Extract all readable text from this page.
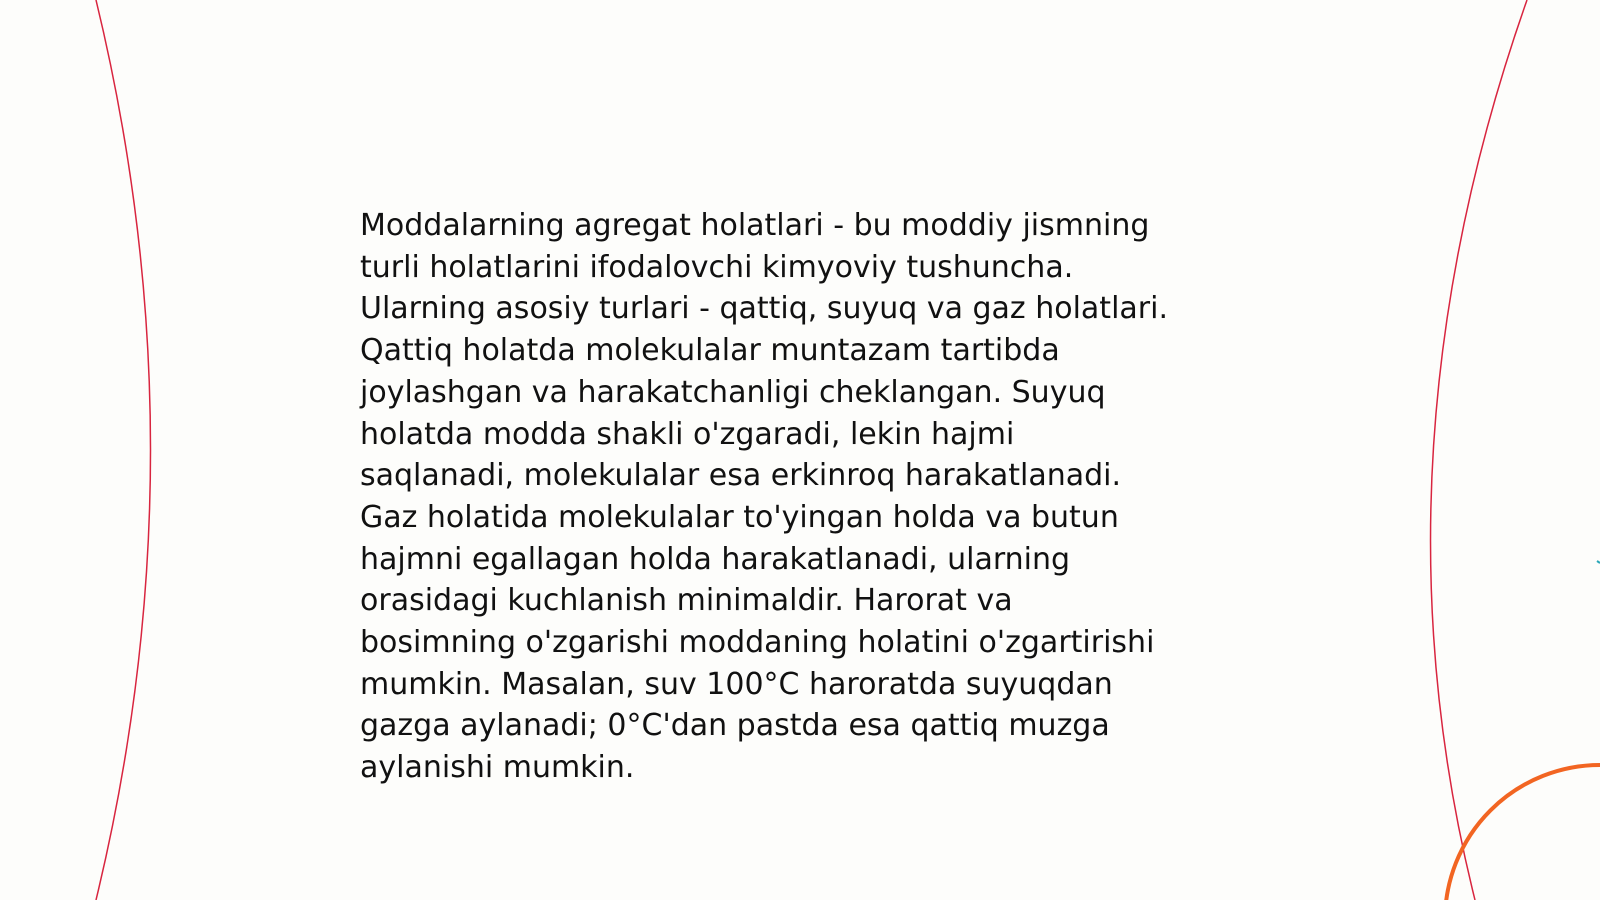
Moddalarning agregat holatlari - bu moddiy jismning
turli holatlarini ifodalovchi kimyoviy tushuncha.
Ularning asosiy turlari - qattiq, suyuq va gaz holatlari.
Qattiq holatda molekulalar muntazam tartibda
joylashgan va harakatchanligi cheklangan. Suyuq
holatda modda shakli o'zgaradi, lekin hajmi
saqlanadi, molekulalar esa erkinroq harakatlanadi.
Gaz holatida molekulalar to'yingan holda va butun
hajmni egallagan holda harakatlanadi, ularning
orasidagi kuchlanish minimaldir. Harorat va
bosimning o'zgarishi moddaning holatini o'zgartirishi
mumkin. Masalan, suv 100°C haroratda suyuqdan
gazga aylanadi; 0°C'dan pastda esa qattiq muzga
aylanishi mumkin.
